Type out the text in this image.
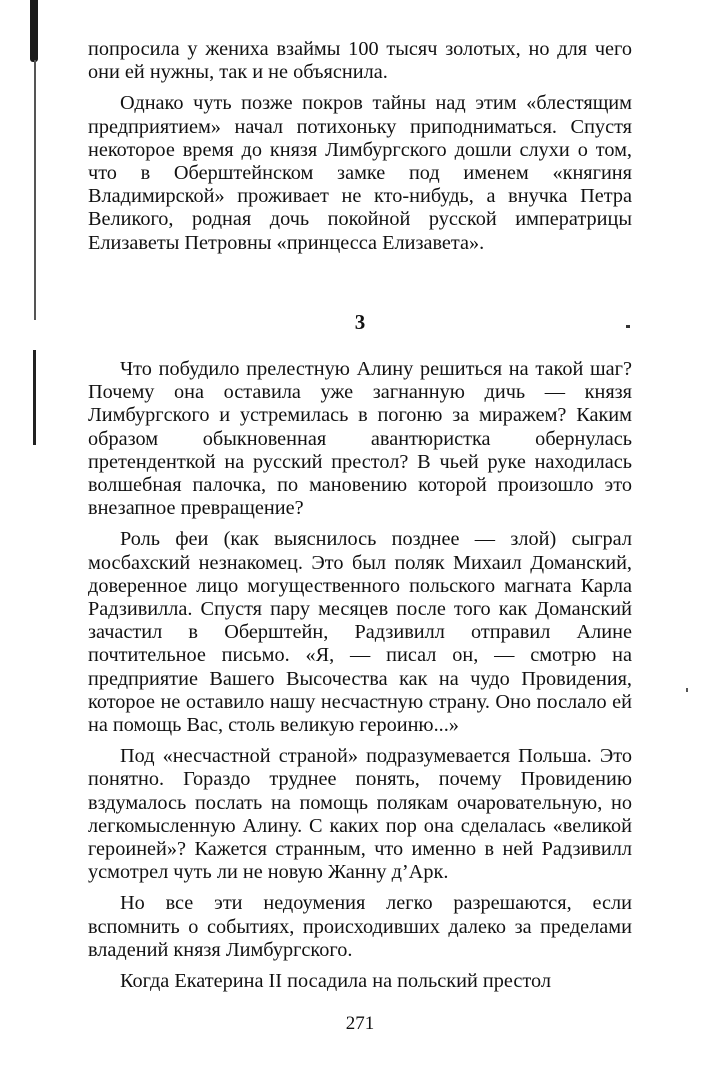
попросила у жениха взаймы 100 тысяч золотых, но для чего они ей нужны, так и не объяснила.

Однако чуть позже покров тайны над этим «блестящим предприятием» начал потихоньку приподниматься. Спустя некоторое время до князя Лимбургского дошли слухи о том, что в Оберштейнском замке под именем «княгиня Владимирской» проживает не кто-нибудь, а внучка Петра Великого, родная дочь покойной русской императрицы Елизаветы Петровны «принцесса Елизавета».

3

Что побудило прелестную Алину решиться на такой шаг? Почему она оставила уже загнанную дичь — князя Лимбургского и устремилась в погоню за миражем? Каким образом обыкновенная авантюристка обернулась претенденткой на русский престол? В чьей руке находилась волшебная палочка, по мановению которой произошло это внезапное превращение?

Роль феи (как выяснилось позднее — злой) сыграл мосбахский незнакомец. Это был поляк Михаил Доманский, доверенное лицо могущественного польского магната Карла Радзивилла. Спустя пару месяцев после того как Доманский зачастил в Оберштейн, Радзивилл отправил Алине почтительное письмо. «Я, — писал он, — смотрю на предприятие Вашего Высочества как на чудо Провидения, которое не оставило нашу несчастную страну. Оно послало ей на помощь Вас, столь великую героиню...»

Под «несчастной страной» подразумевается Польша. Это понятно. Гораздо труднее понять, почему Провидению вздумалось послать на помощь полякам очаровательную, но легкомысленную Алину. С каких пор она сделалась «великой героиней»? Кажется странным, что именно в ней Радзивилл усмотрел чуть ли не новую Жанну д’Арк.

Но все эти недоумения легко разрешаются, если вспомнить о событиях, происходивших далеко за пределами владений князя Лимбургского.

Когда Екатерина II посадила на польский престол

271
